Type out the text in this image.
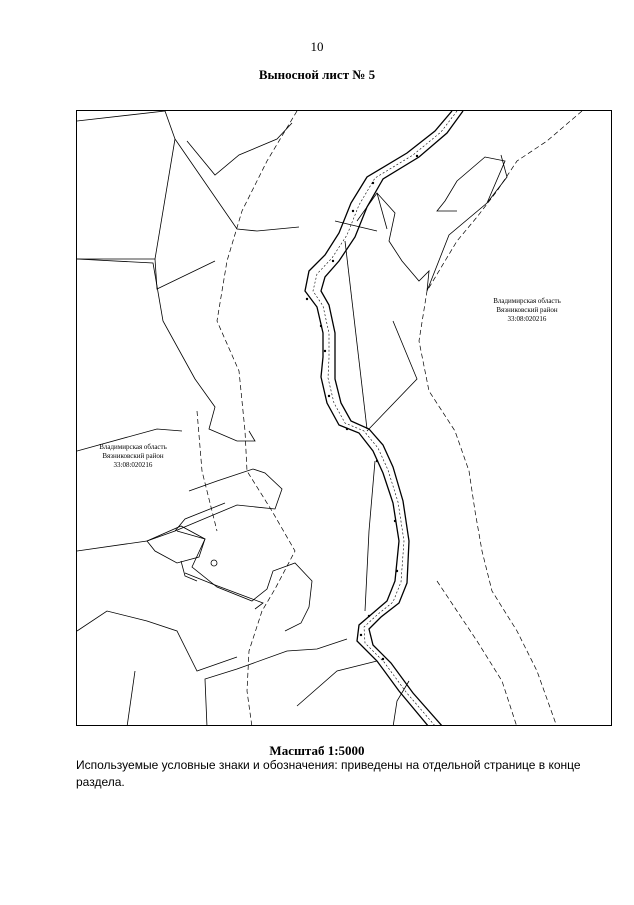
10
Выносной лист № 5
Владимирская область
Вязниковский район
33:08:020216
Владимирская область
Вязниковский район
33:08:020216
Масштаб 1:5000
Используемые условные знаки и обозначения: приведены на отдельной странице в конце раздела.
